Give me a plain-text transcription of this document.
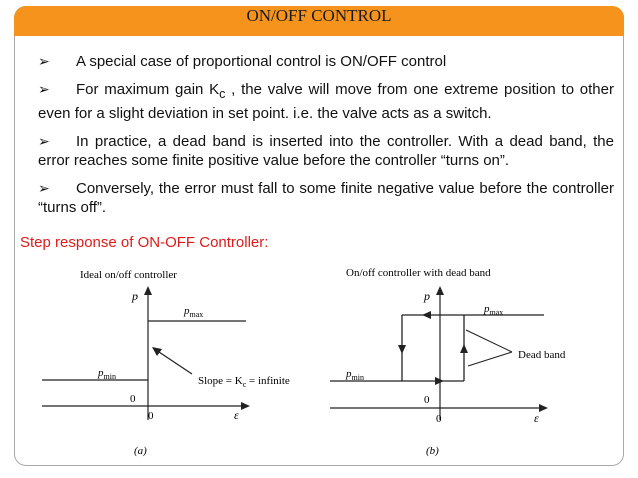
ON/OFF CONTROL
➢	A special case of proportional control is ON/OFF control
➢	For maximum gain $K_c$ , the valve will move from one extreme position to other even for a slight deviation in set point. i.e. the valve acts as a switch.
➢	In practice, a dead band is inserted into the controller. With a dead band, the error reaches some finite positive value before the controller “turns on”.
➢	Conversely, the error must fall to some finite negative value before the controller “turns off”.
Step response of ON-OFF Controller:
Ideal on/off controller
p
$p_{max}$
$p_{min}$	Slope = $K_c$ = infinite
0
0	ε
(a)
On/off controller with dead band
p
$p_{max}$
$p_{min}$
Dead band
0
0	ε
(b)
